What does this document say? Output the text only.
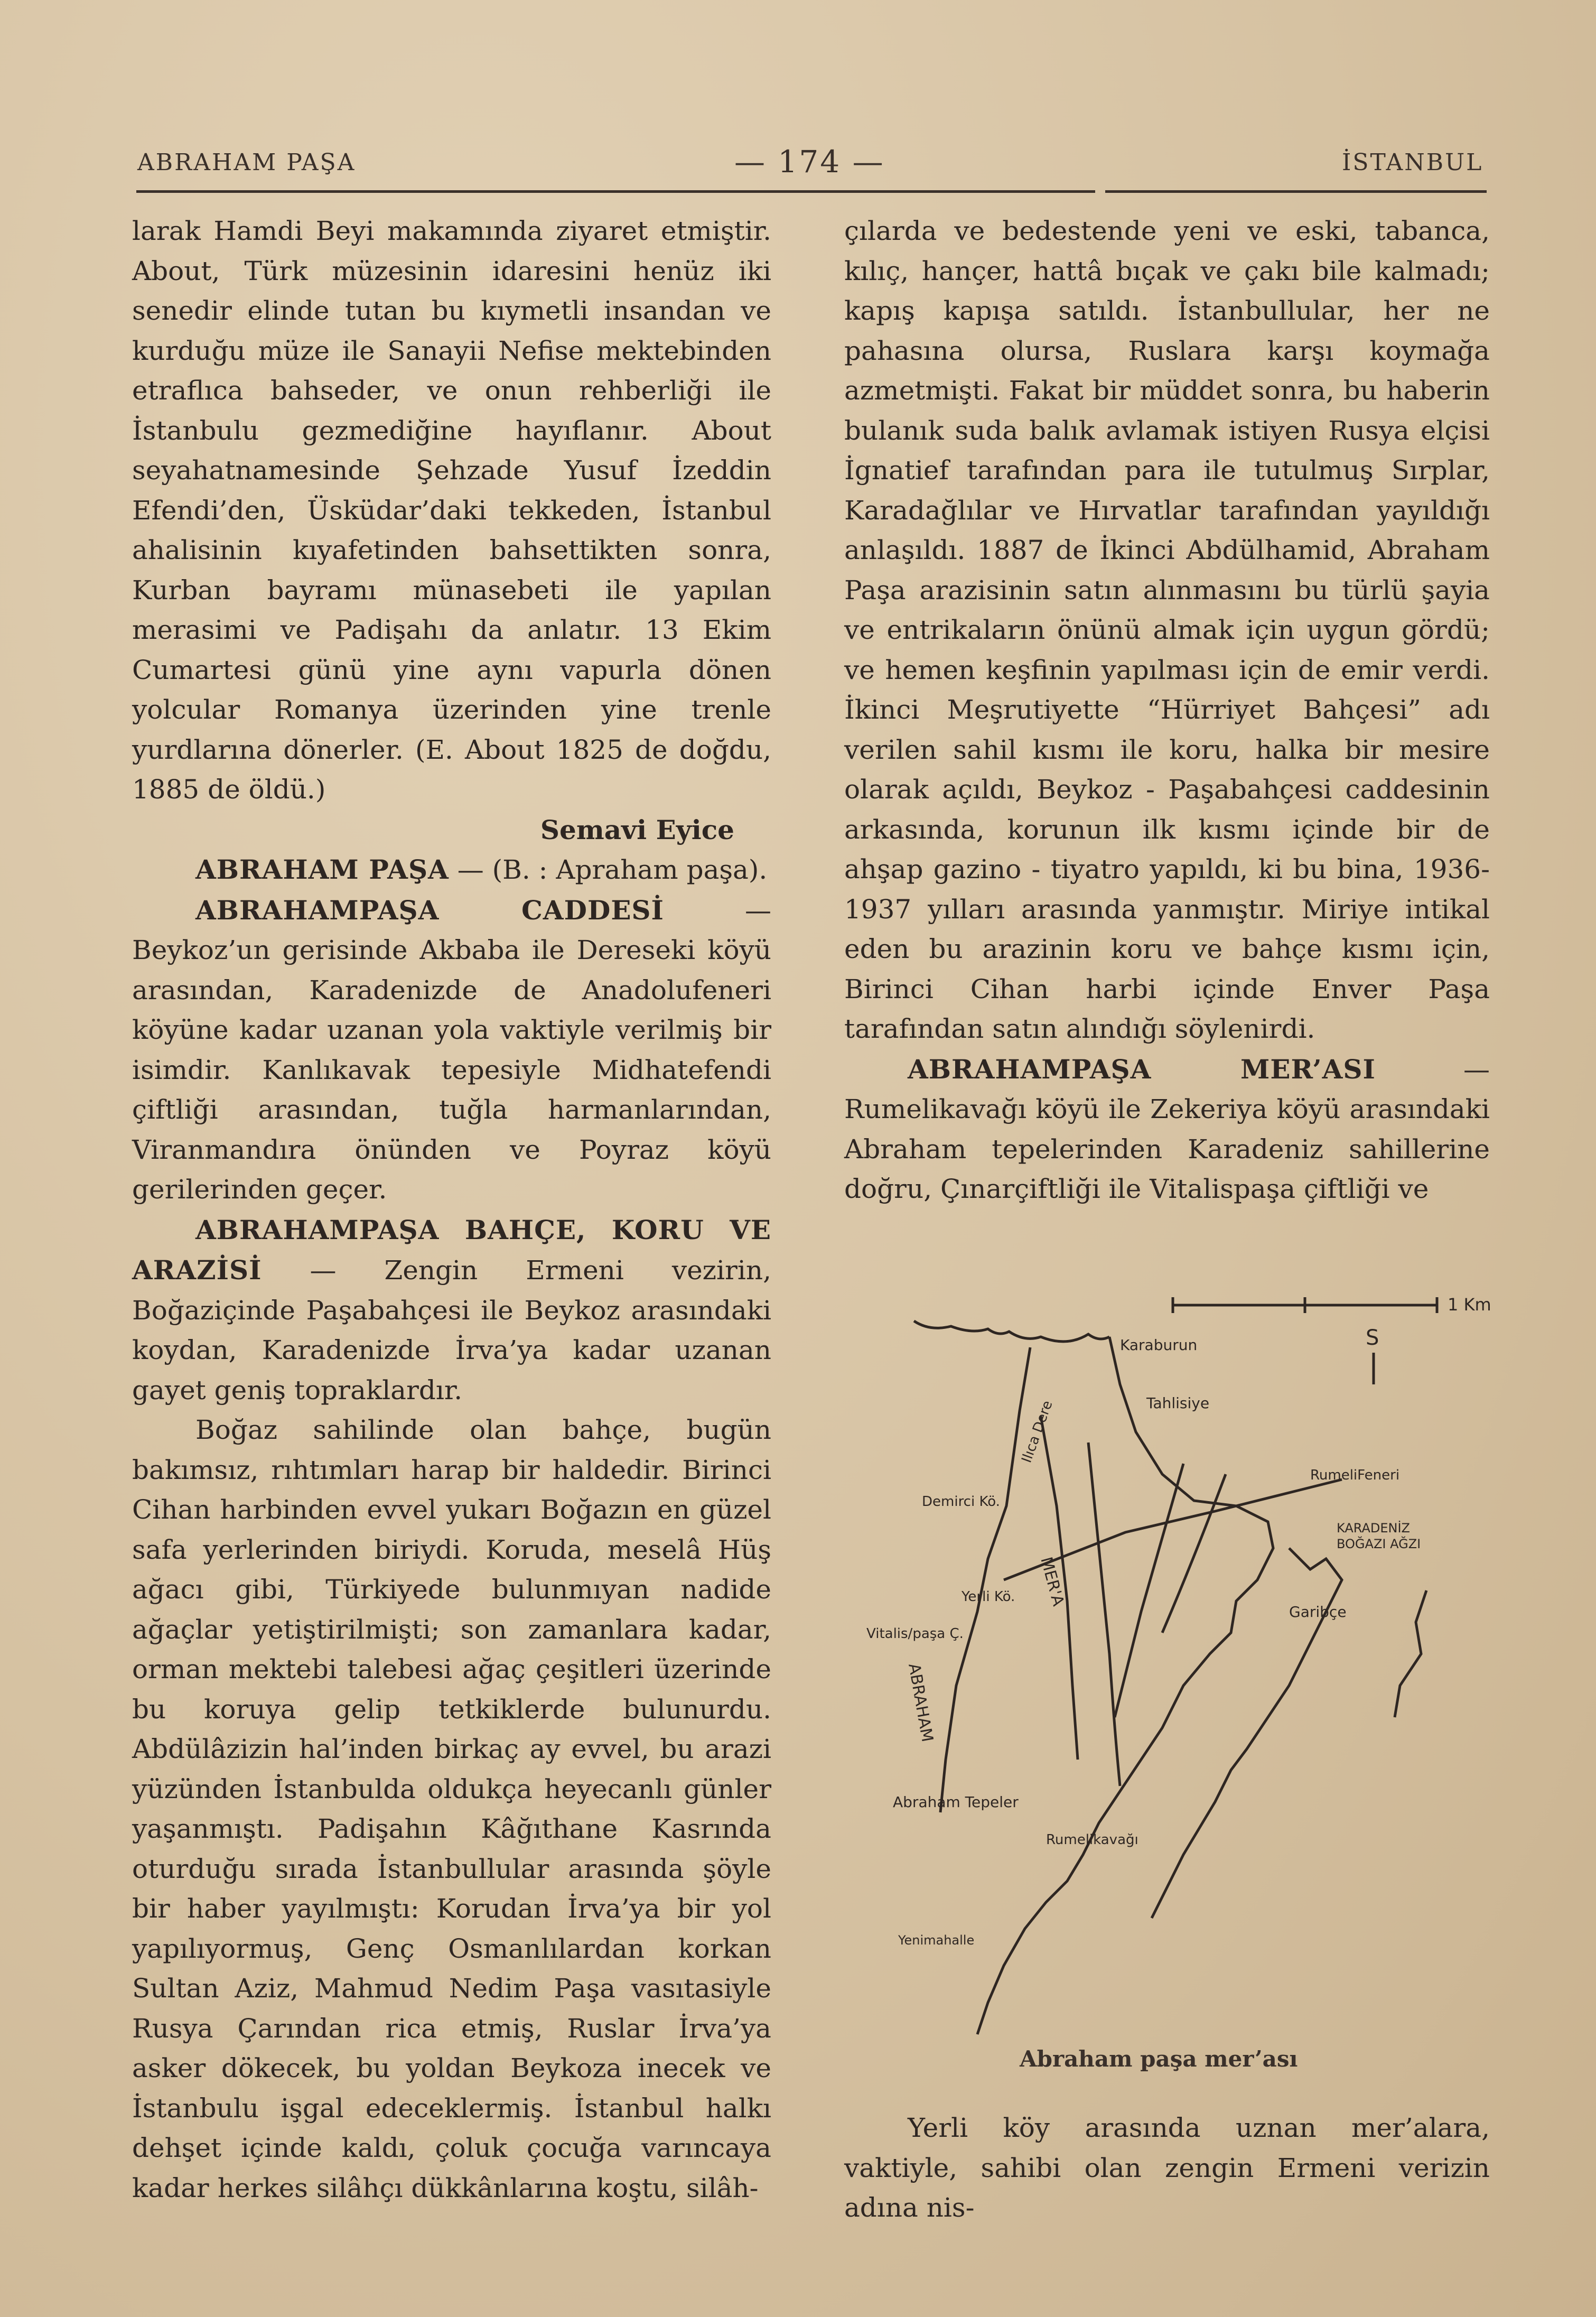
ABRAHAM PAŞA	— 174 —	İSTANBUL

larak Hamdi Beyi makamında ziyaret etmiştir. About, Türk müzesinin idaresini henüz iki senedir elinde tutan bu kıymetli insandan ve kurduğu müze ile Sanayii Nefise mektebinden etraflıca bahseder, ve onun rehberliği ile İstanbulu gezmediğine hayıflanır. About seyahatnamesinde Şehzade Yusuf İzeddin Efendi’den, Üsküdar’daki tekkeden, İstanbul ahalisinin kıyafetinden bahsettikten sonra, Kurban bayramı münasebeti ile yapılan merasimi ve Padişahı da anlatır. 13 Ekim Cumartesi günü yine aynı vapurla dönen yolcular Romanya üzerinden yine trenle yurdlarına dönerler. (E. About 1825 de doğdu, 1885 de öldü.)

Semavi Eyice

ABRAHAM PAŞA — (B. : Apraham paşa).

ABRAHAMPAŞA CADDESİ — Beykoz’un gerisinde Akbaba ile Dereseki köyü arasından, Karadenizde de Anadolufeneri köyüne kadar uzanan yola vaktiyle verilmiş bir isimdir. Kanlıkavak tepesiyle Midhatefendi çiftliği arasından, tuğla harmanlarından, Viranmandıra önünden ve Poyraz köyü gerilerinden geçer.

ABRAHAMPAŞA BAHÇE, KORU VE ARAZİSİ — Zengin Ermeni vezirin, Boğaziçinde Paşabahçesi ile Beykoz arasındaki koydan, Karadenizde İrva’ya kadar uzanan gayet geniş topraklardır.

Boğaz sahilinde olan bahçe, bugün bakımsız, rıhtımları harap bir haldedir. Birinci Cihan harbinden evvel yukarı Boğazın en güzel safa yerlerinden biriydi. Koruda, meselâ Hüş ağacı gibi, Türkiyede bulunmıyan nadide ağaçlar yetiştirilmişti; son zamanlara kadar, orman mektebi talebesi ağaç çeşitleri üzerinde bu koruya gelip tetkiklerde bulunurdu. Abdülâzizin hal’inden birkaç ay evvel, bu arazi yüzünden İstanbulda oldukça heyecanlı günler yaşanmıştı. Padişahın Kâğıthane Kasrında oturduğu sırada İstanbullular arasında şöyle bir haber yayılmıştı: Korudan İrva’ya bir yol yapılıyormuş, Genç Osmanlılardan korkan Sultan Aziz, Mahmud Nedim Paşa vasıtasiyle Rusya Çarından rica etmiş, Ruslar İrva’ya asker dökecek, bu yoldan Beykoza inecek ve İstanbulu işgal edeceklermiş. İstanbul halkı dehşet içinde kaldı, çoluk çocuğa varıncaya kadar herkes silâhçı dükkânlarına koştu, silâh-

çılarda ve bedestende yeni ve eski, tabanca, kılıç, hançer, hattâ bıçak ve çakı bile kalmadı; kapış kapışa satıldı. İstanbullular, her ne pahasına olursa, Ruslara karşı koymağa azmetmişti. Fakat bir müddet sonra, bu haberin bulanık suda balık avlamak istiyen Rusya elçisi İgnatief tarafından para ile tutulmuş Sırplar, Karadağlılar ve Hırvatlar tarafından yayıldığı anlaşıldı. 1887 de İkinci Abdülhamid, Abraham Paşa arazisinin satın alınmasını bu türlü şayia ve entrikaların önünü almak için uygun gördü; ve hemen keşfinin yapılması için de emir verdi. İkinci Meşrutiyette “Hürriyet Bahçesi” adı verilen sahil kısmı ile koru, halka bir mesire olarak açıldı, Beykoz - Paşabahçesi caddesinin arkasında, korunun ilk kısmı içinde bir de ahşap gazino - tiyatro yapıldı, ki bu bina, 1936-1937 yılları arasında yanmıştır. Miriye intikal eden bu arazinin koru ve bahçe kısmı için, Birinci Cihan harbi içinde Enver Paşa tarafından satın alındığı söylenirdi.

ABRAHAMPAŞA MER’ASI — Rumelikavağı köyü ile Zekeriya köyü arasındaki Abraham tepelerinden Karadeniz sahillerine doğru, Çınarçiftliği ile Vitalispaşa çiftliği ve

1 Km
S
Karaburun
Tahlisiye
RumeliFeneri
KARADENİZ
BOĞAZI AĞZI
Demirci Kö.
Garibçe
Yerli Kö.
Vitalis/paşa Ç.
Abraham Tepeler
Rumelikavağı
Yenimahalle
Ilıca Dere
MER'A
ABRAHAM
Abraham paşa mer’ası

Yerli köy arasında uznan mer’alara, vaktiyle, sahibi olan zengin Ermeni verizin adına nis-
